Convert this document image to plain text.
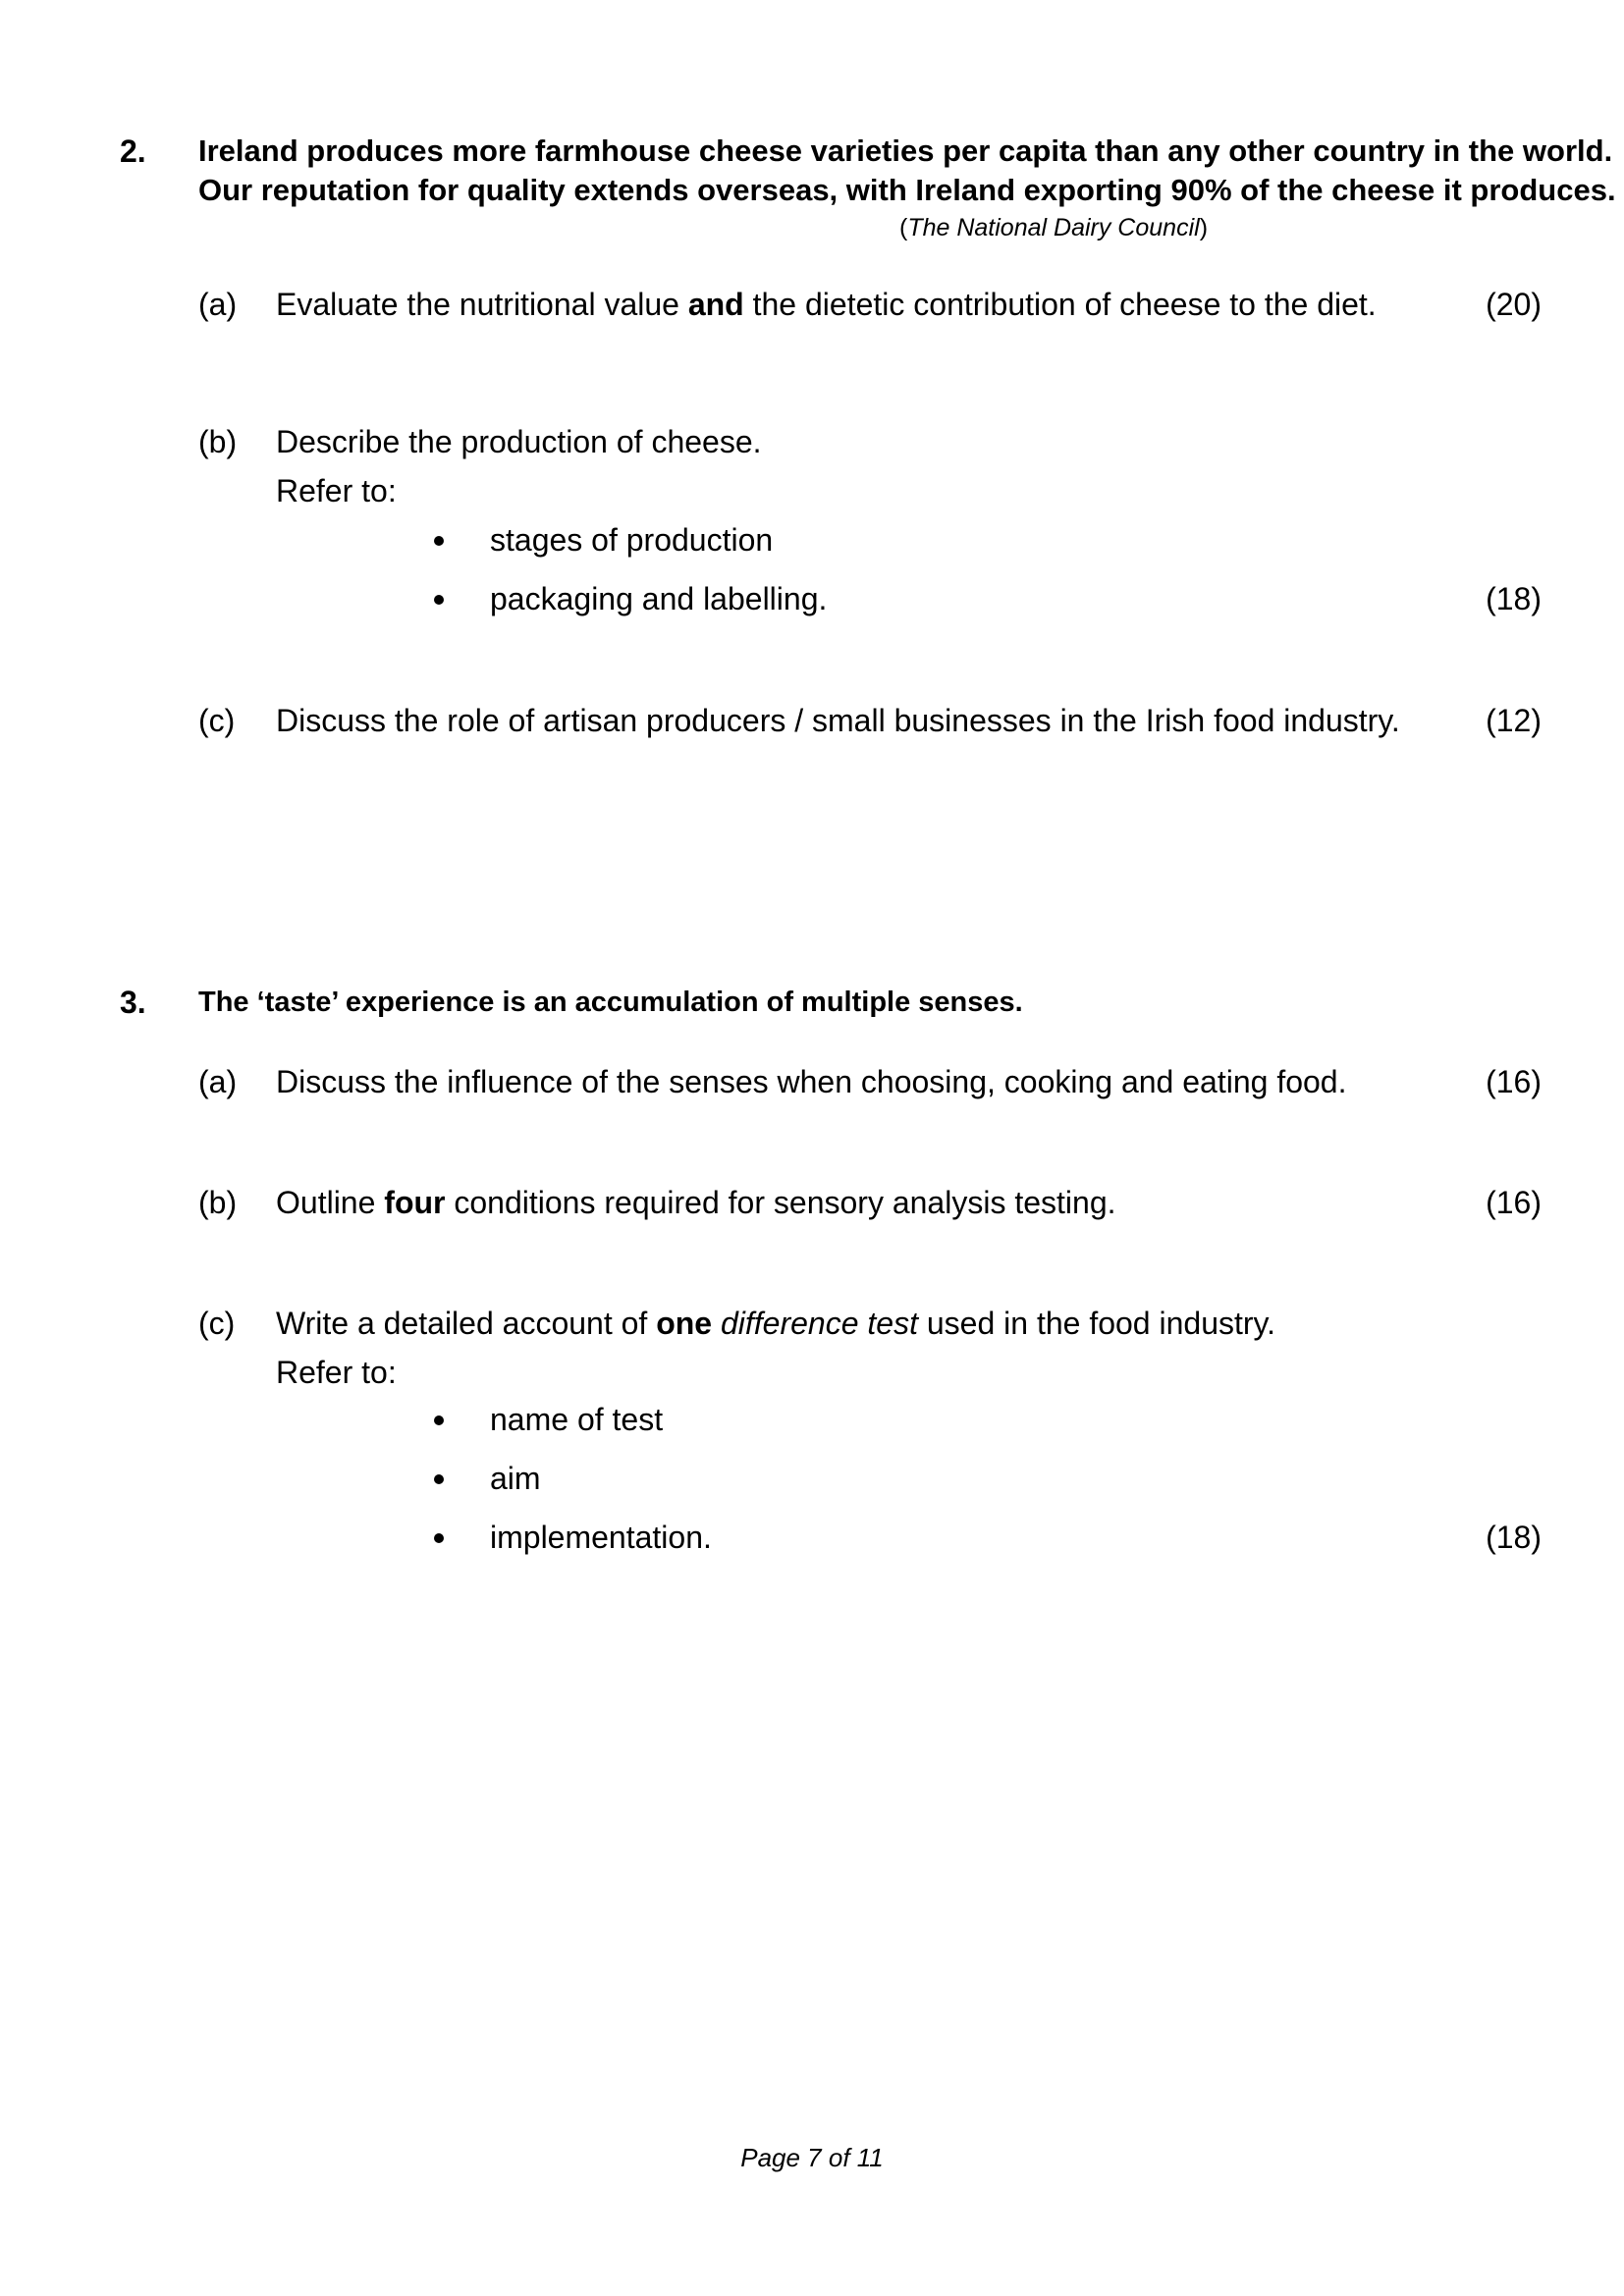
2. Ireland produces more farmhouse cheese varieties per capita than any other country in the world.
Our reputation for quality extends overseas, with Ireland exporting 90% of the cheese it produces.
(The National Dairy Council)
(a) Evaluate the nutritional value and the dietetic contribution of cheese to the diet.	(20)
(b) Describe the production of cheese.
Refer to:
stages of production
packaging and labelling.	(18)
(c) Discuss the role of artisan producers / small businesses in the Irish food industry.	(12)
3. The ‘taste’ experience is an accumulation of multiple senses.
(a) Discuss the influence of the senses when choosing, cooking and eating food.	(16)
(b) Outline four conditions required for sensory analysis testing.	(16)
(c) Write a detailed account of one difference test used in the food industry.
Refer to:
name of test
aim
implementation.	(18)
Page 7 of 11
